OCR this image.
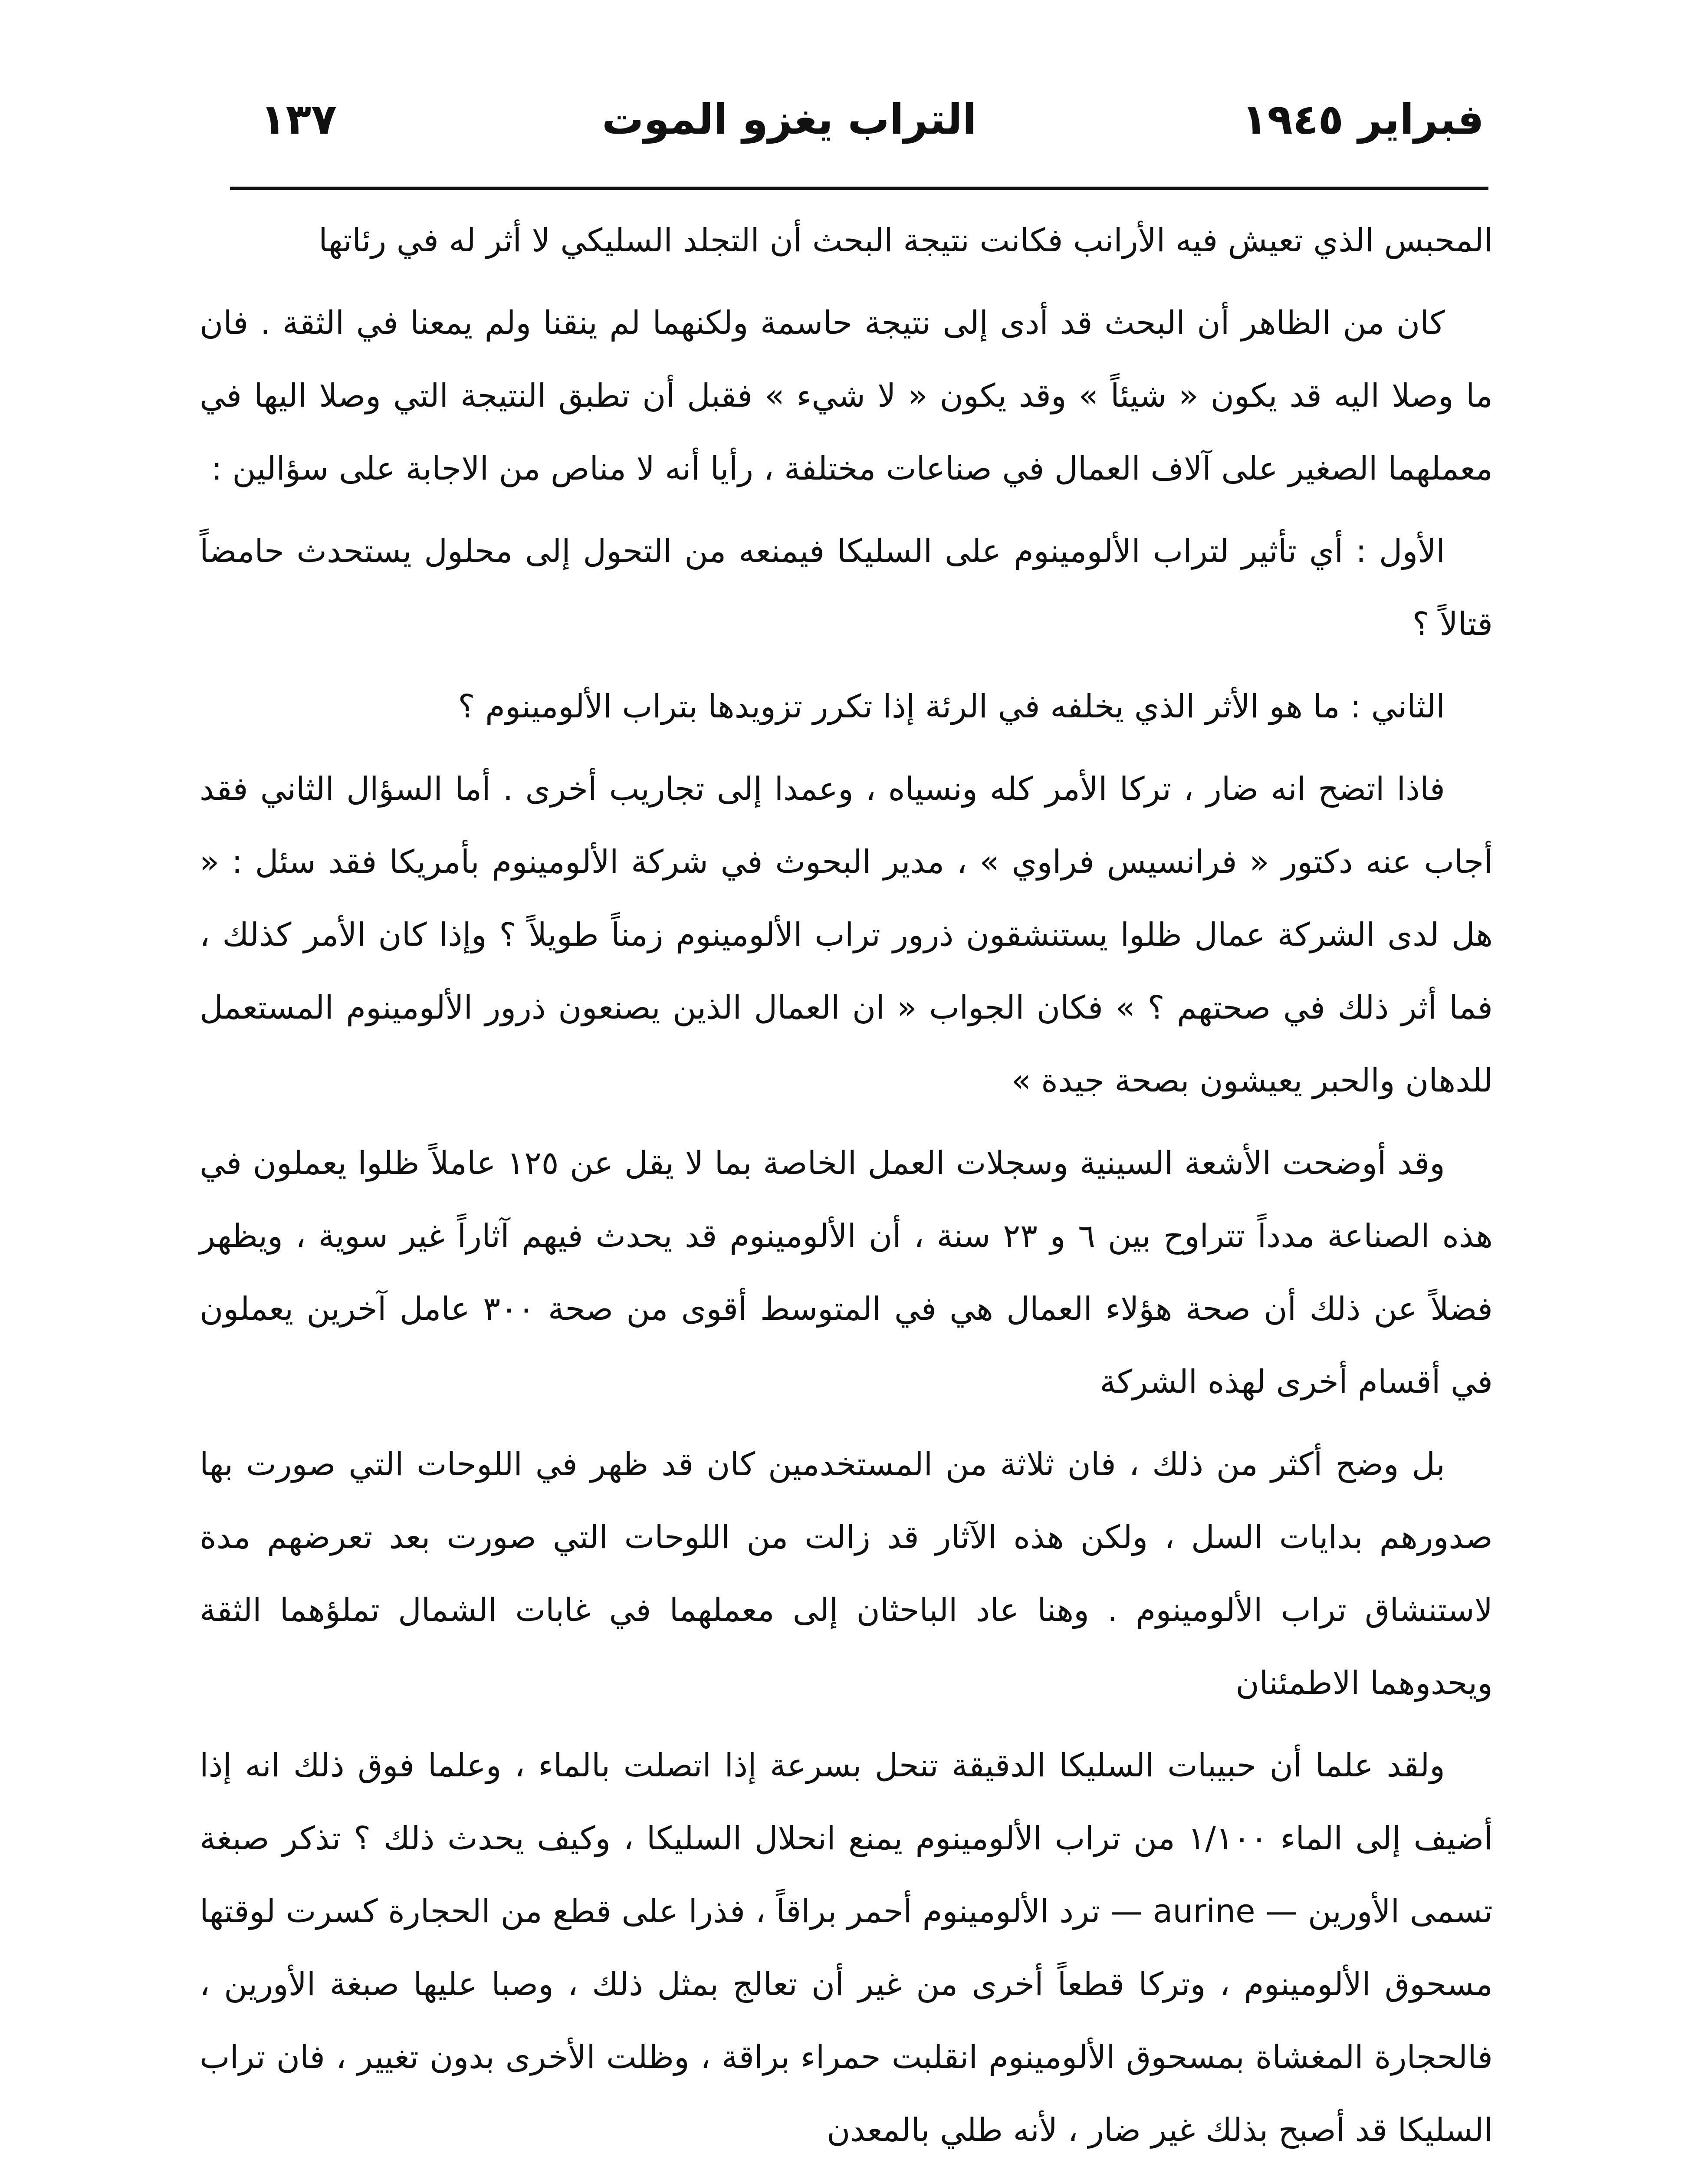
فبراير ١٩٤٥
التراب يغزو الموت
١٣٧

المحبس الذي تعيش فيه الأرانب فكانت نتيجة البحث أن التجلد السليكي لا أثر له في رئاتها

كان من الظاهر أن البحث قد أدى إلى نتيجة حاسمة ولكنهما لم ينقنا ولم يمعنا في الثقة . فان ما وصلا اليه قد يكون « شيئاً » وقد يكون « لا شيء » فقبل أن تطبق النتيجة التي وصلا اليها في معملهما الصغير على آلاف العمال في صناعات مختلفة ، رأيا أنه لا مناص من الاجابة على سؤالين :

الأول : أي تأثير لتراب الألومينوم على السليكا فيمنعه من التحول إلى محلول يستحدث حامضاً قتالاً ؟

الثاني : ما هو الأثر الذي يخلفه في الرئة إذا تكرر تزويدها بتراب الألومينوم ؟

فاذا اتضح انه ضار ، تركا الأمر كله ونسياه ، وعمدا إلى تجاريب أخرى . أما السؤال الثاني فقد أجاب عنه دكتور « فرانسيس فراوي » ، مدير البحوث في شركة الألومينوم بأمريكا فقد سئل : « هل لدى الشركة عمال ظلوا يستنشقون ذرور تراب الألومينوم زمناً طويلاً ؟ وإذا كان الأمر كذلك ، فما أثر ذلك في صحتهم ؟ » فكان الجواب « ان العمال الذين يصنعون ذرور الألومينوم المستعمل للدهان والحبر يعيشون بصحة جيدة »

وقد أوضحت الأشعة السينية وسجلات العمل الخاصة بما لا يقل عن ١٢٥ عاملاً ظلوا يعملون في هذه الصناعة مدداً تتراوح بين ٦ و ٢٣ سنة ، أن الألومينوم قد يحدث فيهم آثاراً غير سوية ، ويظهر فضلاً عن ذلك أن صحة هؤلاء العمال هي في المتوسط أقوى من صحة ٣٠٠ عامل آخرين يعملون في أقسام أخرى لهذه الشركة

بل وضح أكثر من ذلك ، فان ثلاثة من المستخدمين كان قد ظهر في اللوحات التي صورت بها صدورهم بدايات السل ، ولكن هذه الآثار قد زالت من اللوحات التي صورت بعد تعرضهم مدة لاستنشاق تراب الألومينوم . وهنا عاد الباحثان إلى معملهما في غابات الشمال تملؤهما الثقة ويحدوهما الاطمئنان

ولقد علما أن حبيبات السليكا الدقيقة تنحل بسرعة إذا اتصلت بالماء ، وعلما فوق ذلك انه إذا أضيف إلى الماء ١/١٠٠ من تراب الألومينوم يمنع انحلال السليكا ، وكيف يحدث ذلك ؟ تذكر صبغة تسمى الأورين — aurine — ترد الألومينوم أحمر براقاً ، فذرا على قطع من الحجارة كسرت لوقتها مسحوق الألومينوم ، وتركا قطعاً أخرى من غير أن تعالج بمثل ذلك ، وصبا عليها صبغة الأورين ، فالحجارة المغشاة بمسحوق الألومينوم انقلبت حمراء براقة ، وظلت الأخرى بدون تغيير ، فان تراب السليكا قد أصبح بذلك غير ضار ، لأنه طلي بالمعدن
